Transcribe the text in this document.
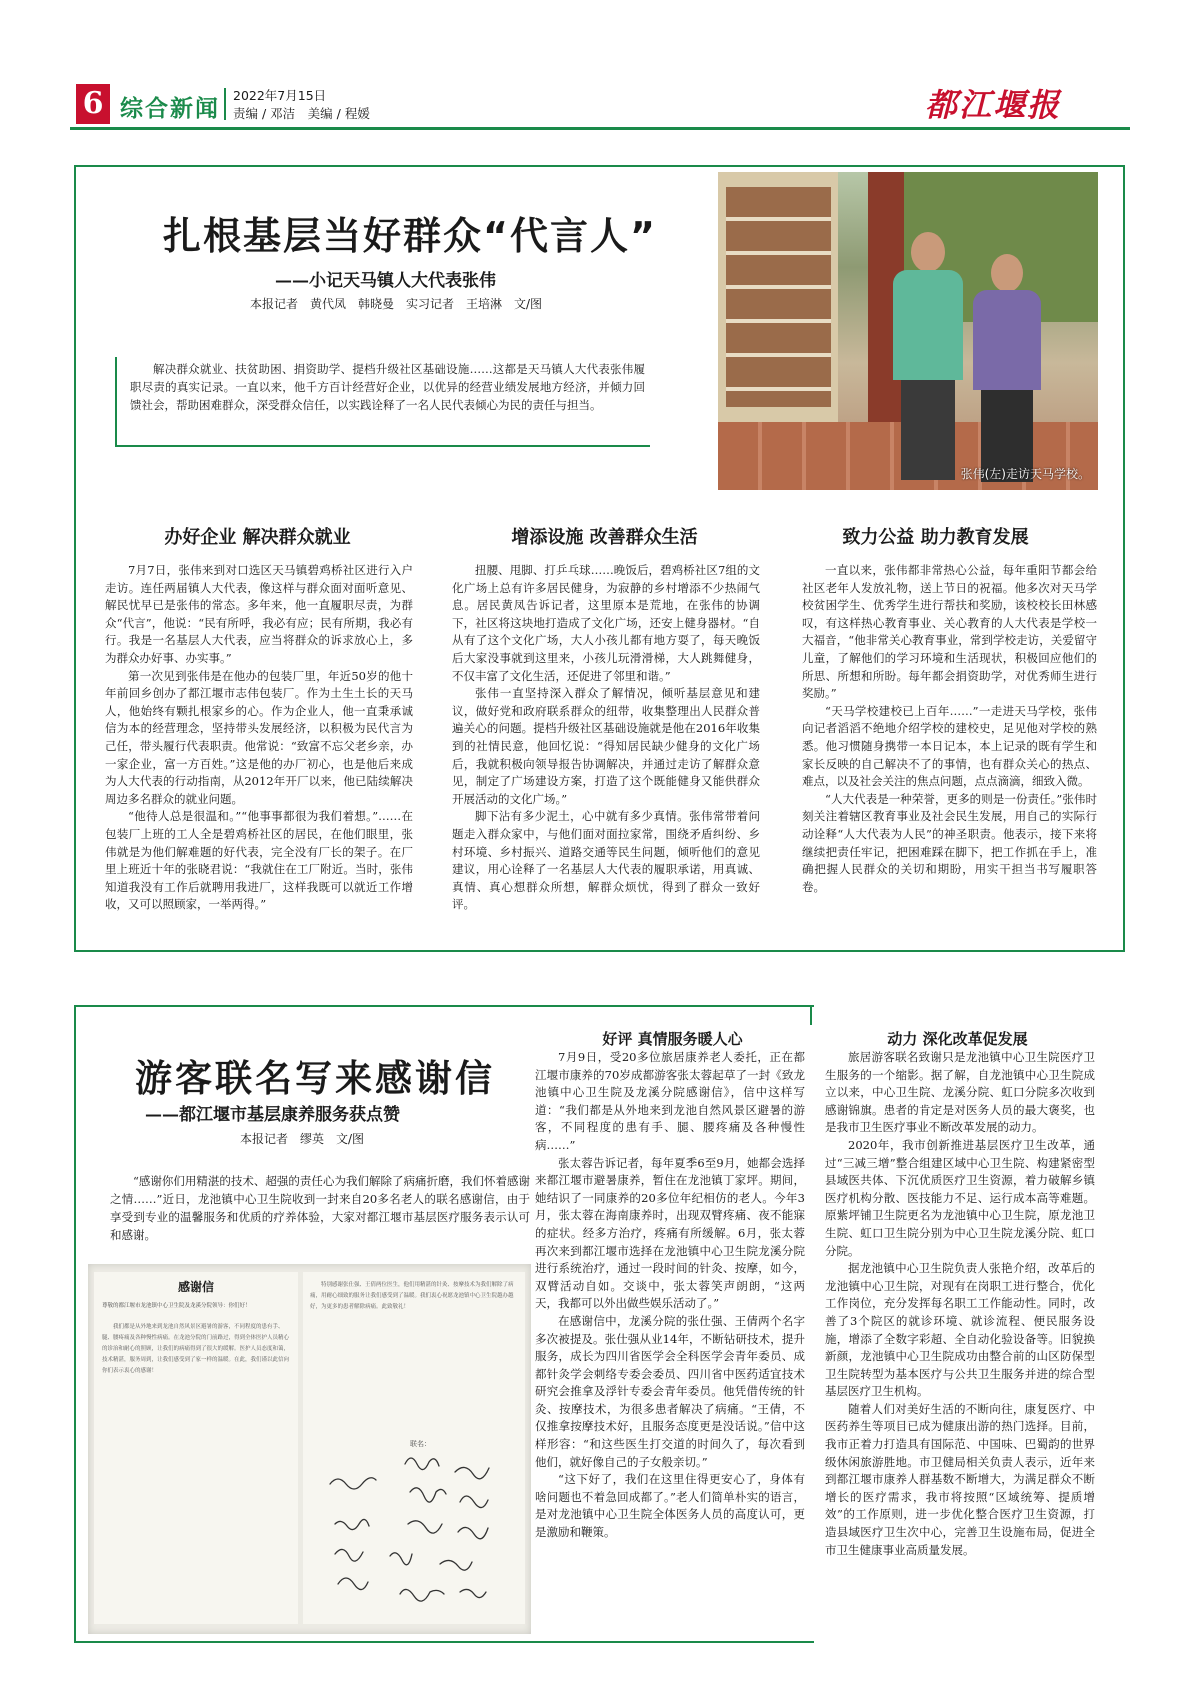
6 综合新闻
2022年7月15日
责编 / 邓洁　美编 / 程媛	都江堰报
扎根基层当好群众“代言人”
——小记天马镇人大代表张伟
本报记者　黄代凤　韩晓曼　实习记者　王培淋　文/图

解决群众就业、扶贫助困、捐资助学、提档升级社区基础设施……这都是天马镇人大代表张伟履职尽责的真实记录。一直以来，他千方百计经营好企业，以优异的经营业绩发展地方经济，并倾力回馈社会，帮助困难群众，深受群众信任，以实践诠释了一名人民代表倾心为民的责任与担当。

张伟(左)走访天马学校。
办好企业 解决群众就业	增添设施 改善群众生活	致力公益 助力教育发展

7月7日，张伟来到对口选区天马镇碧鸡桥社区进行入户走访。连任两届镇人大代表，像这样与群众面对面听意见、解民忧早已是张伟的常态。多年来，他一直履职尽责，为群众“代言”，他说：“民有所呼，我必有应；民有所期，我必有行。我是一名基层人大代表，应当将群众的诉求放心上，多为群众办好事、办实事。”

第一次见到张伟是在他办的包装厂里，年近50岁的他十年前回乡创办了都江堰市志伟包装厂。作为土生土长的天马人，他始终有颗扎根家乡的心。作为企业人，他一直秉承诚信为本的经营理念，坚持带头发展经济，以积极为民代言为己任，带头履行代表职责。他常说：“致富不忘父老乡亲，办一家企业，富一方百姓。”这是他的办厂初心，也是他后来成为人大代表的行动指南，从2012年开厂以来，他已陆续解决周边多名群众的就业问题。

“他待人总是很温和。”“他事事都很为我们着想。”……在包装厂上班的工人全是碧鸡桥社区的居民，在他们眼里，张伟就是为他们解难题的好代表，完全没有厂长的架子。在厂里上班近十年的张晓君说：“我就住在工厂附近。当时，张伟知道我没有工作后就聘用我进厂，这样我既可以就近工作增收，又可以照顾家，一举两得。”

扭腰、甩脚、打乒乓球……晚饭后，碧鸡桥社区7组的文化广场上总有许多居民健身，为寂静的乡村增添不少热闹气息。居民黄凤告诉记者，这里原本是荒地，在张伟的协调下，社区将这块地打造成了文化广场，还安上健身器材。“自从有了这个文化广场，大人小孩儿都有地方耍了，每天晚饭后大家没事就到这里来，小孩儿玩滑滑梯，大人跳舞健身，不仅丰富了文化生活，还促进了邻里和谐。”

张伟一直坚持深入群众了解情况，倾听基层意见和建议，做好党和政府联系群众的纽带，收集整理出人民群众普遍关心的问题。提档升级社区基础设施就是他在2016年收集到的社情民意，他回忆说：“得知居民缺少健身的文化广场后，我就积极向领导报告协调解决，并通过走访了解群众意见，制定了广场建设方案，打造了这个既能健身又能供群众开展活动的文化广场。”

脚下沾有多少泥土，心中就有多少真情。张伟常带着问题走入群众家中，与他们面对面拉家常，围绕矛盾纠纷、乡村环境、乡村振兴、道路交通等民生问题，倾听他们的意见建议，用心诠释了一名基层人大代表的履职承诺，用真诚、真情、真心想群众所想，解群众烦忧，得到了群众一致好评。

一直以来，张伟都非常热心公益，每年重阳节都会给社区老年人发放礼物，送上节日的祝福。他多次对天马学校贫困学生、优秀学生进行帮扶和奖励，该校校长田林感叹，有这样热心教育事业、关心教育的人大代表是学校一大福音，“他非常关心教育事业，常到学校走访，关爱留守儿童，了解他们的学习环境和生活现状，积极回应他们的所思、所想和所盼。每年都会捐资助学，对优秀师生进行奖励。”

“天马学校建校已上百年……”一走进天马学校，张伟向记者滔滔不绝地介绍学校的建校史，足见他对学校的熟悉。他习惯随身携带一本日记本，本上记录的既有学生和家长反映的自己解决不了的事情，也有群众关心的热点、难点，以及社会关注的焦点问题，点点滴滴，细致入微。

“人大代表是一种荣誉，更多的则是一份责任。”张伟时刻关注着辖区教育事业及社会民生发展，用自己的实际行动诠释“人大代表为人民”的神圣职责。他表示，接下来将继续把责任牢记，把困难踩在脚下，把工作抓在手上，准确把握人民群众的关切和期盼，用实干担当书写履职答卷。

游客联名写来感谢信
——都江堰市基层康养服务获点赞
本报记者　缪英　文/图

“感谢你们用精湛的技术、超强的责任心为我们解除了病痛折磨，我们怀着感谢之情……”近日，龙池镇中心卫生院收到一封来自20多名老人的联名感谢信，由于享受到专业的温馨服务和优质的疗养体验，大家对都江堰市基层医疗服务表示认可和感谢。

感谢信
尊敬的都江堰市龙池镇中心卫生院及龙溪分院领导：你们好！
我们都是从外地来到龙池自然风景区避暑的游客，不同程度的患有手、腿、腰疼痛及各种慢性病痛。在龙池分院的门前路过，得到全体医护人员精心的诊治和耐心的照顾，让我们的病痛得到了很大的缓解。医护人员态度和蔼，技术精湛，服务周到，让我们感受到了家一样的温暖。在此，我们谨以此信向你们表示衷心的感谢！
特别感谢张仕强、王倩两位医生，他们用精湛的针灸、按摩技术为我们解除了病痛，用耐心细致的服务让我们感受到了温暖。我们衷心祝愿龙池镇中心卫生院越办越好，为更多的患者解除病痛。此致敬礼！
联名：
好评 真情服务暖人心	动力 深化改革促发展

7月9日，受20多位旅居康养老人委托，正在都江堰市康养的70岁成都游客张太蓉起草了一封《致龙池镇中心卫生院及龙溪分院感谢信》，信中这样写道：“我们都是从外地来到龙池自然风景区避暑的游客，不同程度的患有手、腿、腰疼痛及各种慢性病……”

张太蓉告诉记者，每年夏季6至9月，她都会选择来都江堰市避暑康养，暂住在龙池镇丁家坪。期间，她结识了一同康养的20多位年纪相仿的老人。今年3月，张太蓉在海南康养时，出现双臂疼痛、夜不能寐的症状。经多方治疗，疼痛有所缓解。6月，张太蓉再次来到都江堰市选择在龙池镇中心卫生院龙溪分院进行系统治疗，通过一段时间的针灸、按摩，如今，双臂活动自如。交谈中，张太蓉笑声朗朗，“这两天，我都可以外出做些娱乐活动了。”

在感谢信中，龙溪分院的张仕强、王倩两个名字多次被提及。张仕强从业14年，不断钻研技术，提升服务，成长为四川省医学会全科医学会青年委员、成都针灸学会刺络专委会委员、四川省中医药适宜技术研究会推拿及浮针专委会青年委员。他凭借传统的针灸、按摩技术，为很多患者解决了病痛。“王倩，不仅推拿按摩技术好，且服务态度更是没话说。”信中这样形容：“和这些医生打交道的时间久了，每次看到他们，就好像自己的子女般亲切。”

“这下好了，我们在这里住得更安心了，身体有啥问题也不着急回成都了。”老人们简单朴实的语言，是对龙池镇中心卫生院全体医务人员的高度认可，更是激励和鞭策。

旅居游客联名致谢只是龙池镇中心卫生院医疗卫生服务的一个缩影。据了解，自龙池镇中心卫生院成立以来，中心卫生院、龙溪分院、虹口分院多次收到感谢锦旗。患者的肯定是对医务人员的最大褒奖，也是我市卫生医疗事业不断改革发展的动力。

2020年，我市创新推进基层医疗卫生改革，通过“三减三增”整合组建区域中心卫生院、构建紧密型县域医共体、下沉优质医疗卫生资源，着力破解乡镇医疗机构分散、医技能力不足、运行成本高等难题。原紫坪铺卫生院更名为龙池镇中心卫生院，原龙池卫生院、虹口卫生院分别为中心卫生院龙溪分院、虹口分院。

据龙池镇中心卫生院负责人张艳介绍，改革后的龙池镇中心卫生院，对现有在岗职工进行整合，优化工作岗位，充分发挥每名职工工作能动性。同时，改善了3个院区的就诊环境、就诊流程、便民服务设施，增添了全数字彩超、全自动化验设备等。旧貌换新颜，龙池镇中心卫生院成功由整合前的山区防保型卫生院转型为基本医疗与公共卫生服务并进的综合型基层医疗卫生机构。

随着人们对美好生活的不断向往，康复医疗、中医药养生等项目已成为健康出游的热门选择。目前，我市正着力打造具有国际范、中国味、巴蜀韵的世界级休闲旅游胜地。市卫健局相关负责人表示，近年来到都江堰市康养人群基数不断增大，为满足群众不断增长的医疗需求，我市将按照“区域统筹、提质增效”的工作原则，进一步优化整合医疗卫生资源，打造县域医疗卫生次中心，完善卫生设施布局，促进全市卫生健康事业高质量发展。
